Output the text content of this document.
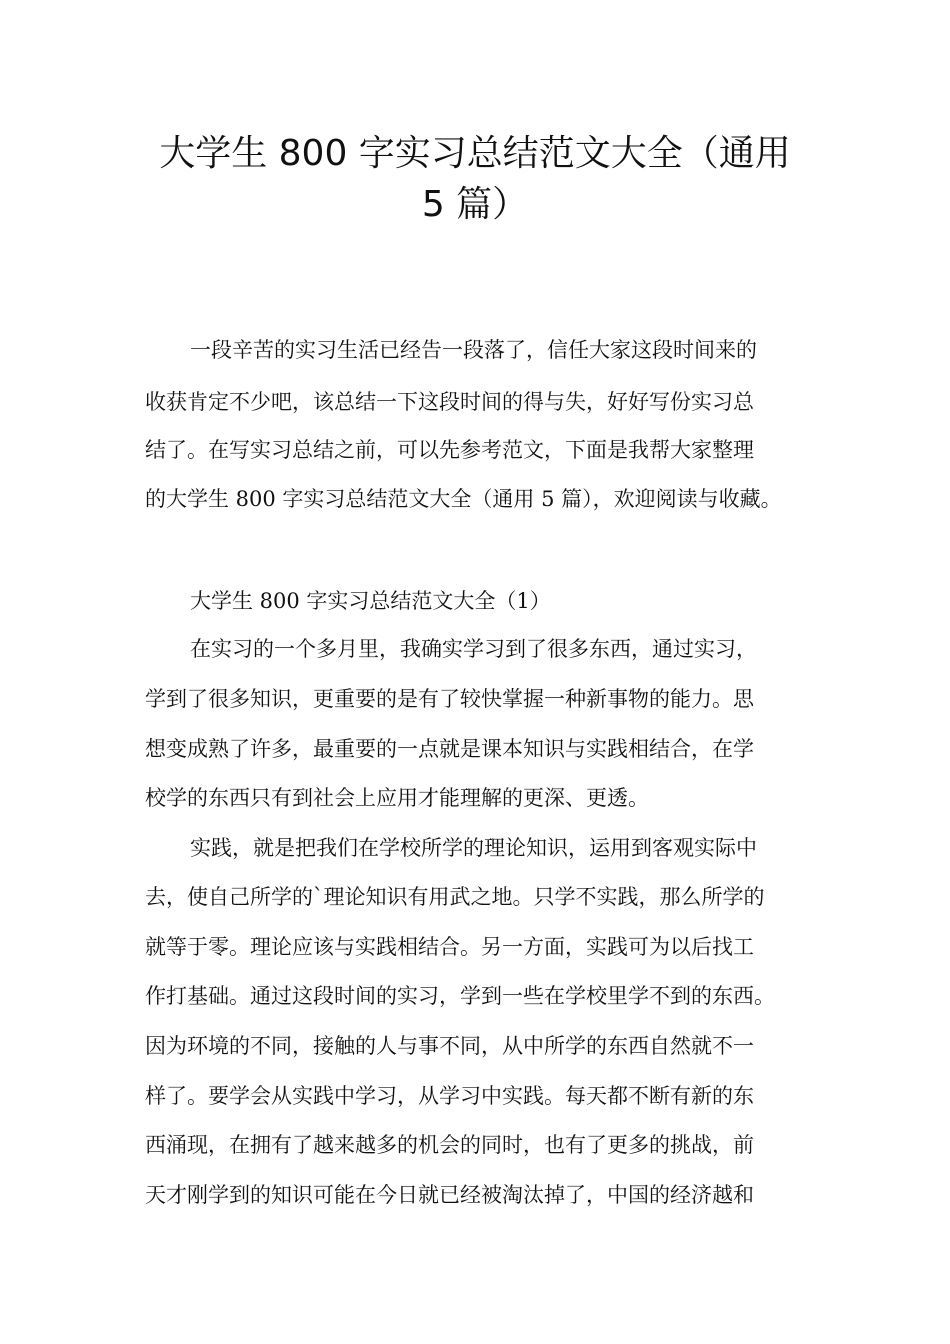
大学生 800 字实习总结范文大全（通用
5 篇）

一段辛苦的实习生活已经告一段落了，信任大家这段时间来的

收获肯定不少吧，该总结一下这段时间的得与失，好好写份实习总

结了。在写实习总结之前，可以先参考范文，下面是我帮大家整理

的大学生 800 字实习总结范文大全（通用 5 篇），欢迎阅读与收藏。

大学生 800 字实习总结范文大全（1）

在实习的一个多月里，我确实学习到了很多东西，通过实习，

学到了很多知识，更重要的是有了较快掌握一种新事物的能力。思

想变成熟了许多，最重要的一点就是课本知识与实践相结合，在学

校学的东西只有到社会上应用才能理解的更深、更透。

实践，就是把我们在学校所学的理论知识，运用到客观实际中

去，使自己所学的`理论知识有用武之地。只学不实践，那么所学的

就等于零。理论应该与实践相结合。另一方面，实践可为以后找工

作打基础。通过这段时间的实习，学到一些在学校里学不到的东西。

因为环境的不同，接触的人与事不同，从中所学的东西自然就不一

样了。要学会从实践中学习，从学习中实践。每天都不断有新的东

西涌现，在拥有了越来越多的机会的同时，也有了更多的挑战，前

天才刚学到的知识可能在今日就已经被淘汰掉了，中国的经济越和
